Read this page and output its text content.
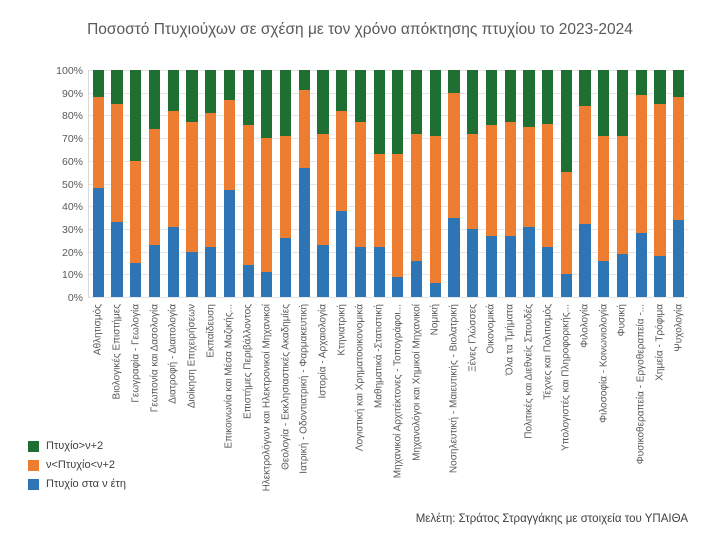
Ποσοστό Πτυχιούχων σε σχέση με τον χρόνο απόκτησης πτυχίου το 2023-2024
0%
10%
20%
30%
40%
50%
60%
70%
80%
90%
100%
Αθλητισμός Βιολογικές Επιστήμες Γεωγραφία - Γεωλογία Γεωπονία και Δασολογία Διατροφή - Διαιτολογία Διοίκηση Επιχειρήσεων Εκπαίδευση Επικοινωνία και Μέσα Μαζικής... Επιστήμες Περιβάλλοντος Ηλεκτρολόγων και Ηλεκτρονικοί Μηχανικοί Θεολογία - Εκκλησιαστικές Ακαδημίες Ιατρική - Οδοντιατρική - Φαρμακευτική Ιστορία - Αρχαιολογία Κτηνιατρική Λογιστική και Χρηματοοικονομικά Μαθηματικά -Στατιστική Μηχανικοί Αρχιτέκτονες - Τοπογράφοι... Μηχανολόγοι και Χημικοί Μηχανικοί Νομική Νοσηλευτική - Μαιευτικής - Βιολατρική Ξένες Γλώσσες Οικονομικά Όλα τα Τμήματα Πολιτικές και Διεθνείς Σπουδές Τέχνες και Πολιτισμός Υπολογιστές και Πληροφορικής... Φιλολογία Φιλοσοφία - Κοινωνιολογία Φυσική Φυσικοθεραπεία - Εργοθεραπεία -... Χημεία - Τρόφιμα Ψυχολογία
Πτυχίο>ν+2
ν<Πτυχίο<ν+2
Πτυχίο στα ν έτη
Μελέτη: Στράτος Στραγγάκης με στοιχεία του ΥΠΑΙΘΑ
